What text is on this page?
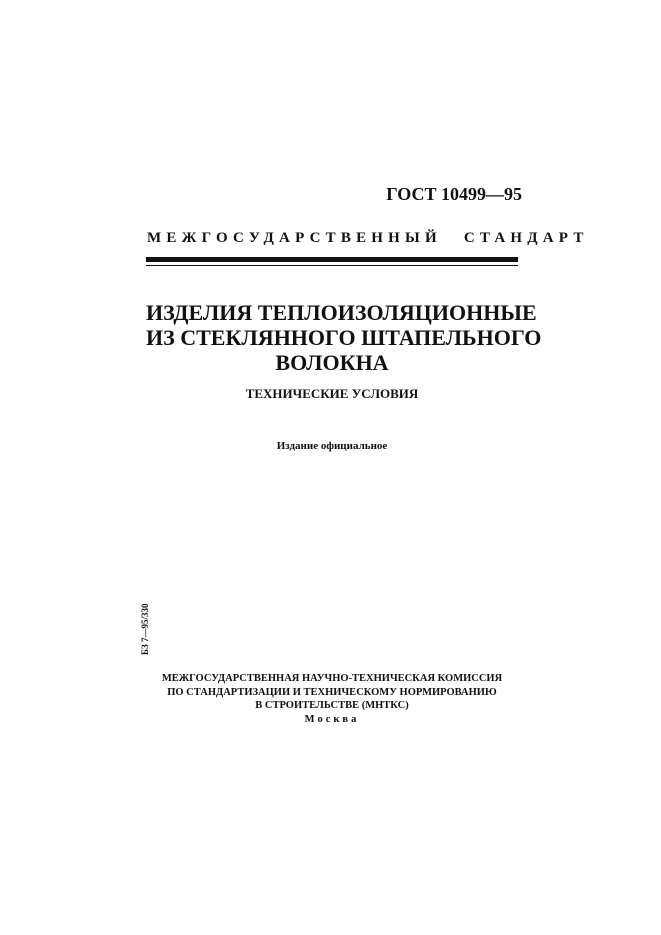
ГОСТ 10499—95
МЕЖГОСУДАРСТВЕННЫЙ СТАНДАРТ
ИЗДЕЛИЯ ТЕПЛОИЗОЛЯЦИОННЫЕ
ИЗ СТЕКЛЯННОГО ШТАПЕЛЬНОГО
ВОЛОКНА
ТЕХНИЧЕСКИЕ УСЛОВИЯ
Издание официальное
БЗ 7—95/330
МЕЖГОСУДАРСТВЕННАЯ НАУЧНО-ТЕХНИЧЕСКАЯ КОМИССИЯ
ПО СТАНДАРТИЗАЦИИ И ТЕХНИЧЕСКОМУ НОРМИРОВАНИЮ
В СТРОИТЕЛЬСТВЕ (МНТКС)
Москва
